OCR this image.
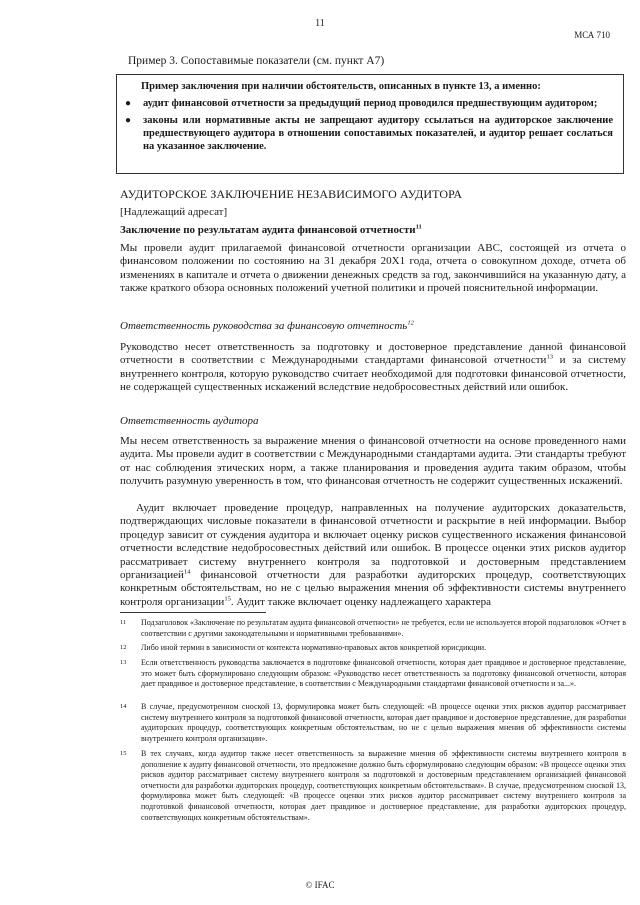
11
МСА 710
Пример 3. Сопоставимые показатели (см. пункт А7)
Пример заключения при наличии обстоятельств, описанных в пункте 13, а именно:
●	аудит финансовой отчетности за предыдущий период проводился предшествующим аудитором;
●	законы или нормативные акты не запрещают аудитору ссылаться на аудиторское заключение предшествующего аудитора в отношении сопоставимых показателей, и аудитор решает сослаться на указанное заключение.
АУДИТОРСКОЕ ЗАКЛЮЧЕНИЕ НЕЗАВИСИМОГО АУДИТОРА
[Надлежащий адресат]
Заключение по результатам аудита финансовой отчетности$^{11}$
Мы провели аудит прилагаемой финансовой отчетности организации ABC, состоящей из отчета о финансовом положении по состоянию на 31 декабря 20X1 года, отчета о совокупном доходе, отчета об изменениях в капитале и отчета о движении денежных средств за год, закончившийся на указанную дату, а также краткого обзора основных положений учетной политики и прочей пояснительной информации.
Ответственность руководства за финансовую отчетность$^{12}$
Руководство несет ответственность за подготовку и достоверное представление данной финансовой отчетности в соответствии с Международными стандартами финансовой отчетности$^{13}$ и за систему внутреннего контроля, которую руководство считает необходимой для подготовки финансовой отчетности, не содержащей существенных искажений вследствие недобросовестных действий или ошибок.
Ответственность аудитора
Мы несем ответственность за выражение мнения о финансовой отчетности на основе проведенного нами аудита. Мы провели аудит в соответствии с Международными стандартами аудита. Эти стандарты требуют от нас соблюдения этических норм, а также планирования и проведения аудита таким образом, чтобы получить разумную уверенность в том, что финансовая отчетность не содержит существенных искажений.
Аудит включает проведение процедур, направленных на получение аудиторских доказательств, подтверждающих числовые показатели в финансовой отчетности и раскрытие в ней информации. Выбор процедур зависит от суждения аудитора и включает оценку рисков существенного искажения финансовой отчетности вследствие недобросовестных действий или ошибок. В процессе оценки этих рисков аудитор рассматривает систему внутреннего контроля за подготовкой и достоверным представлением организацией$^{14}$ финансовой отчетности для разработки аудиторских процедур, соответствующих конкретным обстоятельствам, но не с целью выражения мнения об эффективности системы внутреннего контроля организации$^{15}$. Аудит также включает оценку надлежащего характера
11	Подзаголовок «Заключение по результатам аудита финансовой отчетности» не требуется, если не используется второй подзаголовок «Отчет в соответствии с другими законодательными и нормативными требованиями».
12	Либо иной термин в зависимости от контекста нормативно-правовых актов конкретной юрисдикции.
13	Если ответственность руководства заключается в подготовке финансовой отчетности, которая дает правдивое и достоверное представление, это может быть сформулировано следующим образом: «Руководство несет ответственность за подготовку финансовой отчетности, которая дает правдивое и достоверное представление, в соответствии с Международными стандартами финансовой отчетности и за...».
14	В случае, предусмотренном сноской 13, формулировка может быть следующей: «В процессе оценки этих рисков аудитор рассматривает систему внутреннего контроля за подготовкой финансовой отчетности, которая дает правдивое и достоверное представление, для разработки аудиторских процедур, соответствующих конкретным обстоятельствам, но не с целью выражения мнения об эффективности системы внутреннего контроля организации».
15	В тех случаях, когда аудитор также несет ответственность за выражение мнения об эффективности системы внутреннего контроля в дополнение к аудиту финансовой отчетности, это предложение должно быть сформулировано следующим образом: «В процессе оценки этих рисков аудитор рассматривает систему внутреннего контроля за подготовкой и достоверным представлением организацией финансовой отчетности для разработки аудиторских процедур, соответствующих конкретным обстоятельствам». В случае, предусмотренном сноской 13, формулировка может быть следующей: «В процессе оценки этих рисков аудитор рассматривает систему внутреннего контроля за подготовкой финансовой отчетности, которая дает правдивое и достоверное представление, для разработки аудиторских процедур, соответствующих конкретным обстоятельствам».
© IFAC
